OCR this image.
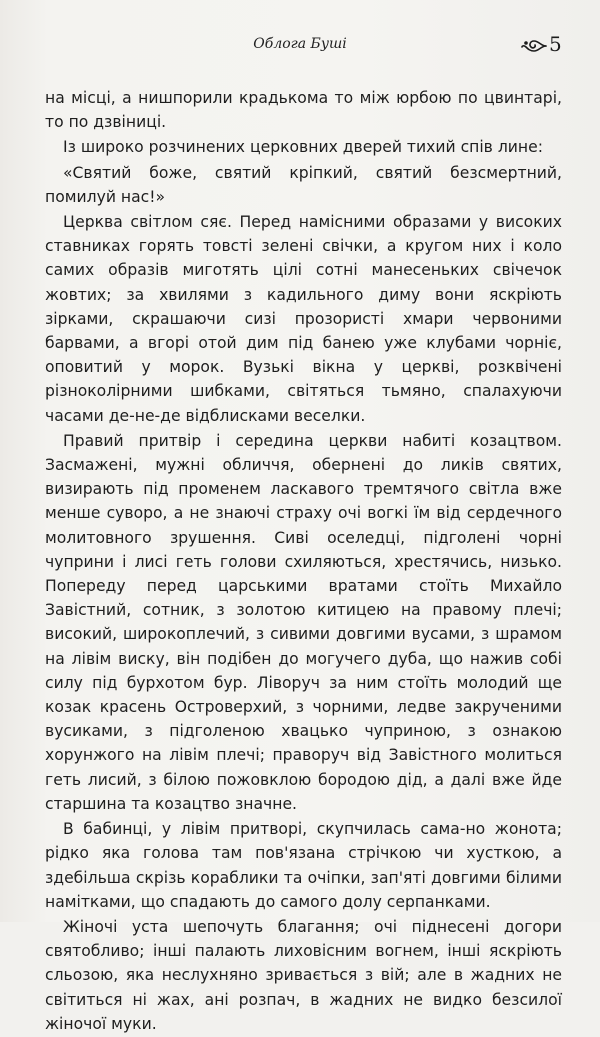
Облога Буші	5

на місці, а нишпорили крадькома то між юрбою по цвинтарі, то по дзвіниці.

Із широко розчинених церковних дверей тихий спів лине:

«Святий боже, святий кріпкий, святий безсмертний, помилуй нас!»

Церква світлом сяє. Перед намісними образами у високих ставниках горять товсті зелені свічки, а кругом них і коло самих образів миготять цілі сотні манесеньких свічечок жовтих; за хвилями з кадильного диму вони яскріють зірками, скрашаючи сизі прозористі хмари червоними барвами, а вгорі отой дим під банею уже клубами чорніє, оповитий у морок. Вузькі вікна у церкві, розквічені різноколірними шибками, світяться тьмяно, спалахуючи часами де-не-де відблисками веселки.

Правий притвір і середина церкви набиті козацтвом. Засмажені, мужні обличчя, обернені до ликів святих, визирають під променем ласкавого тремтячого світла вже менше суворо, а не знаючі страху очі вогкі їм від сердечного молитовного зрушення. Сиві оселедці, підголені чорні чуприни і лисі геть голови схиляються, хрестячись, низько. Попереду перед царськими вратами стоїть Михайло Завістний, сотник, з золотою китицею на правому плечі; високий, широкоплечий, з сивими довгими вусами, з шрамом на лівім виску, він подібен до могучего дуба, що нажив собі силу під бурхотом бур. Ліворуч за ним стоїть молодий ще козак красень Островерхий, з чорними, ледве закрученими вусиками, з підголеною хвацько чуприною, з ознакою хорунжого на лівім плечі; праворуч від Завістного молиться геть лисий, з білою пожовклою бородою дід, а далі вже йде старшина та козацтво значне.

В бабинці, у лівім притворі, скупчилась сама-но жонота; рідко яка голова там пов'язана стрічкою чи хусткою, а здебільша скрізь кораблики та очіпки, зап'яті довгими білими намітками, що спадають до самого долу серпанками.

Жіночі уста шепочуть благання; очі піднесені догори святобливо; інші палають лиховісним вогнем, інші яскріють сльозою, яка неслухняно зривається з вій; але в жадних не світиться ні жах, ані розпач, в жадних не видко безсилої жіночої муки.
